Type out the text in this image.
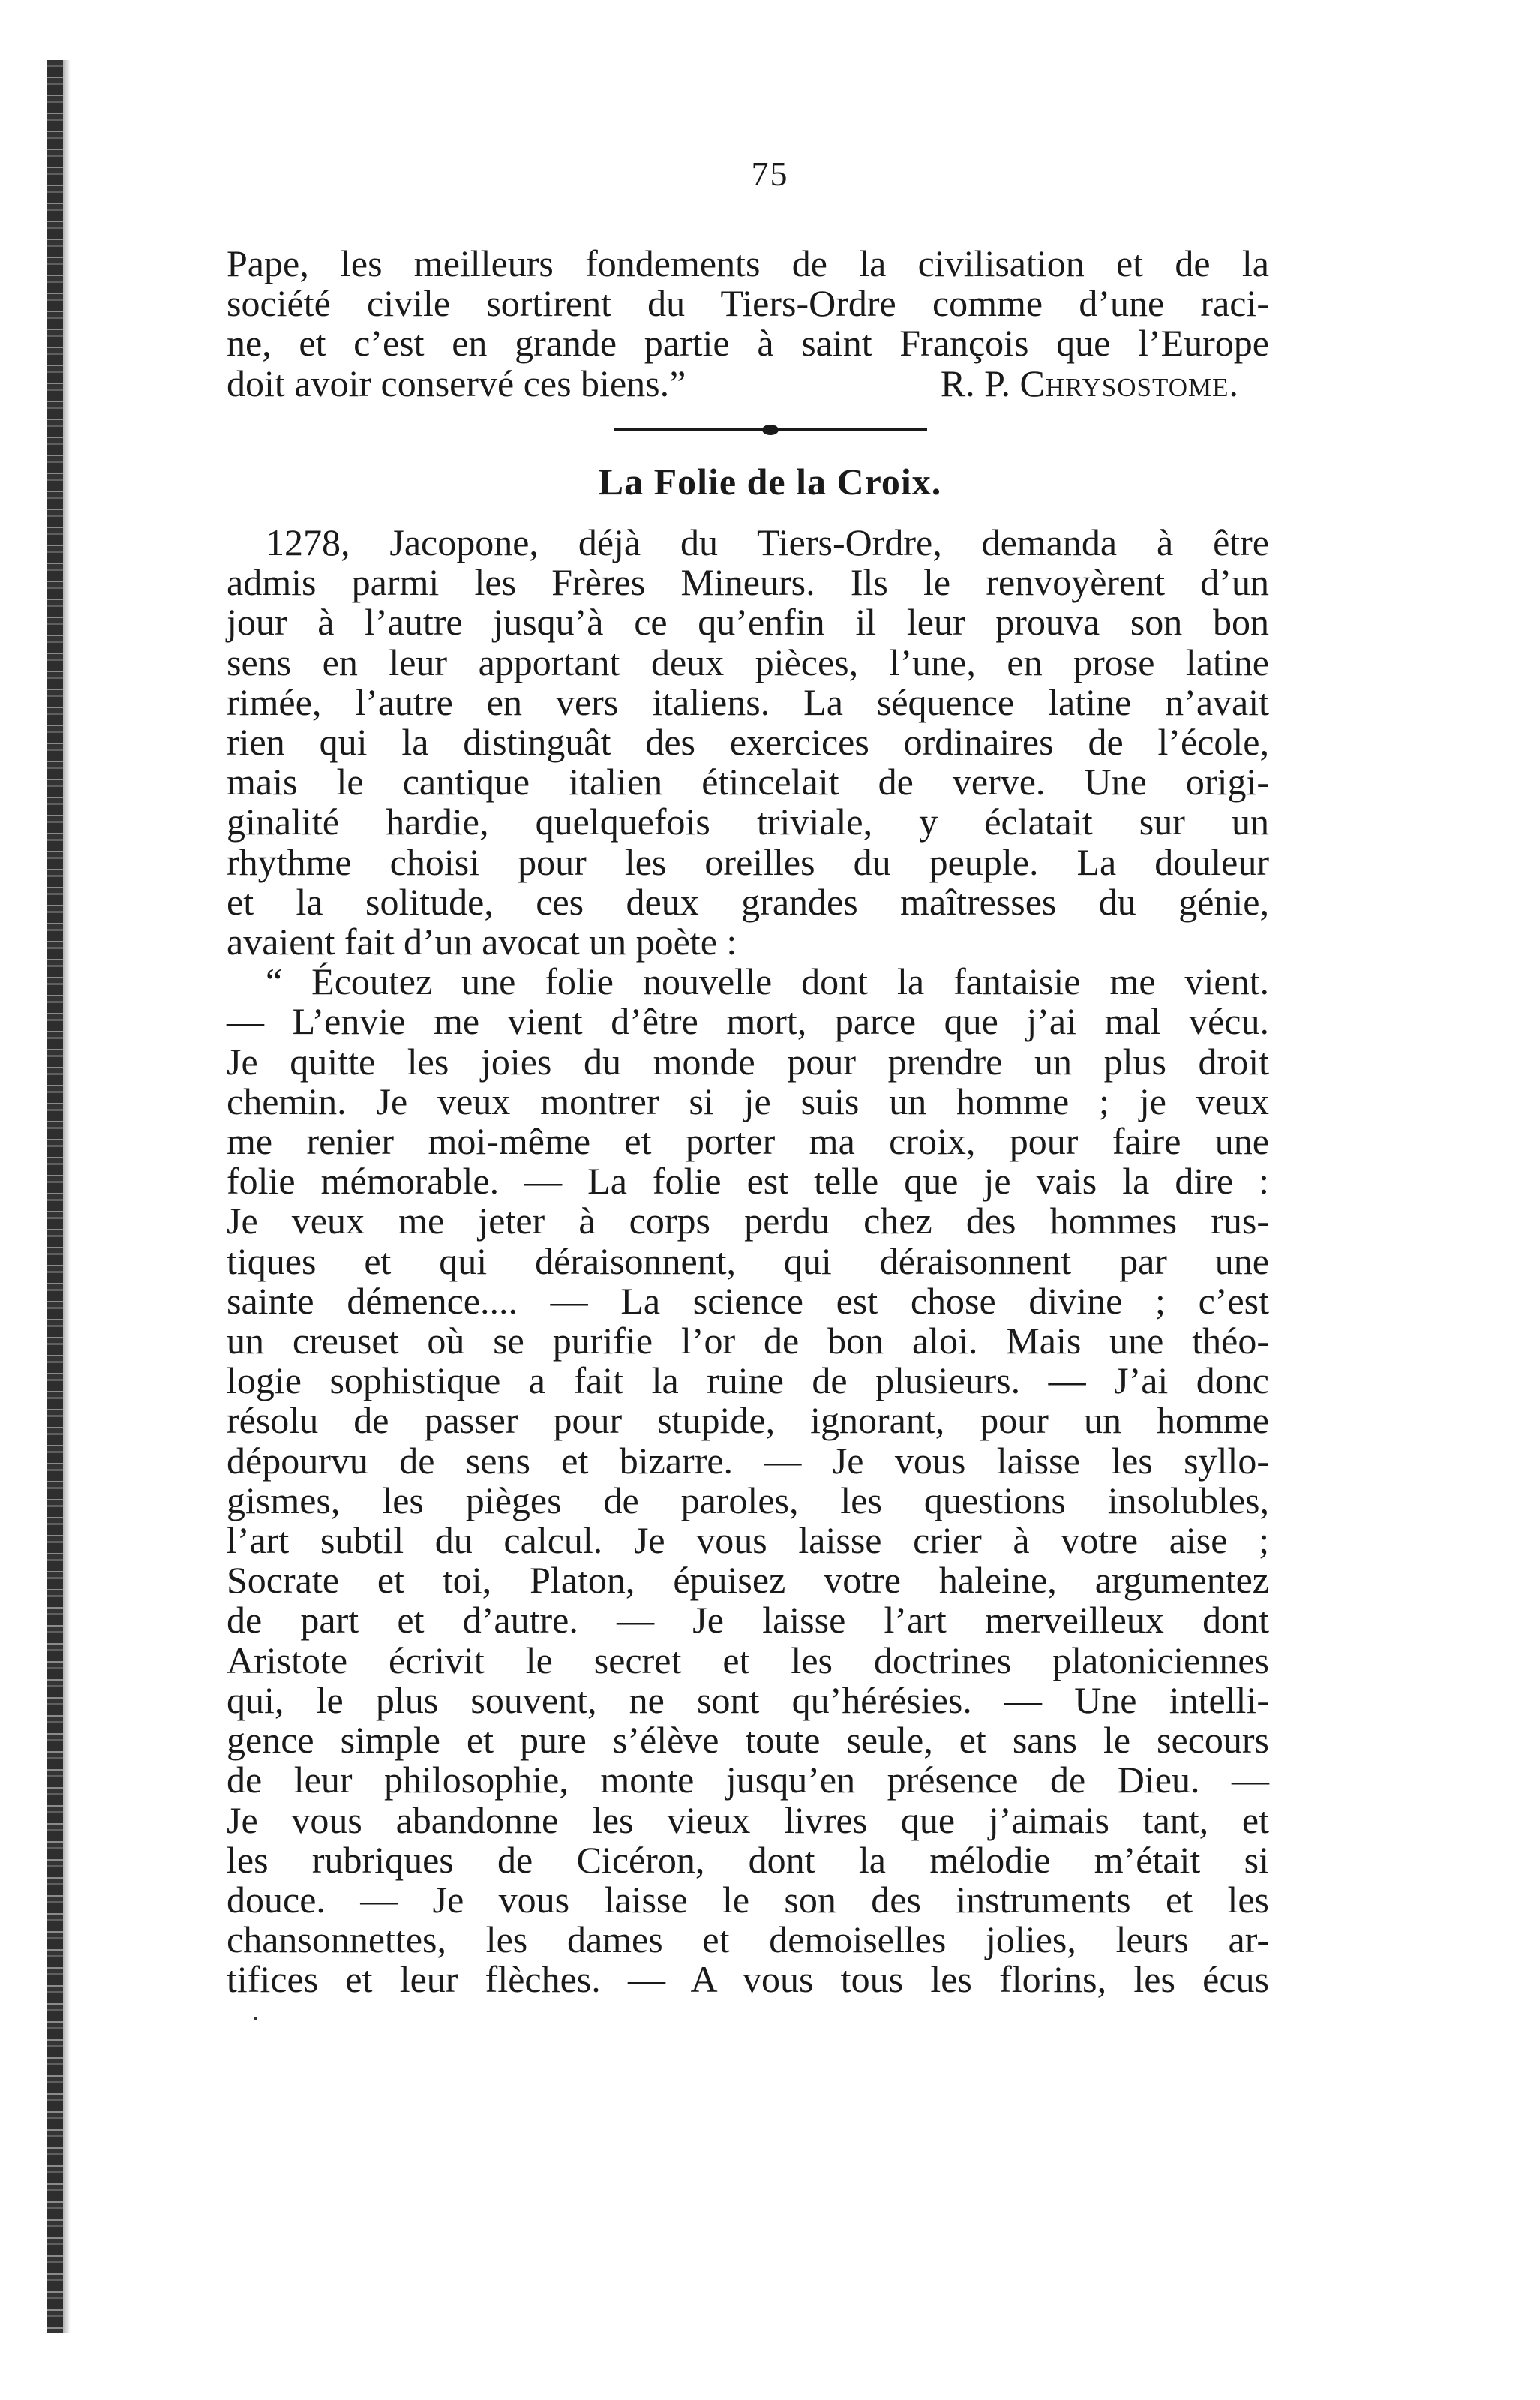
75
Pape, les meilleurs fondements de la civilisation et de la
société civile sortirent du Tiers-Ordre comme d’une raci-
ne, et c’est en grande partie à saint François que l’Europe
doit avoir conservé ces biens.”	R. P. Chrysostome.
La Folie de la Croix.
1278, Jacopone, déjà du Tiers-Ordre, demanda à être
admis parmi les Frères Mineurs. Ils le renvoyèrent d’un
jour à l’autre jusqu’à ce qu’enfin il leur prouva son bon
sens en leur apportant deux pièces, l’une, en prose latine
rimée, l’autre en vers italiens. La séquence latine n’avait
rien qui la distinguât des exercices ordinaires de l’école,
mais le cantique italien étincelait de verve. Une origi-
ginalité hardie, quelquefois triviale, y éclatait sur un
rhythme choisi pour les oreilles du peuple. La douleur
et la solitude, ces deux grandes maîtresses du génie,
avaient fait d’un avocat un poète :
“ Écoutez une folie nouvelle dont la fantaisie me vient.
— L’envie me vient d’être mort, parce que j’ai mal vécu.
Je quitte les joies du monde pour prendre un plus droit
chemin. Je veux montrer si je suis un homme ; je veux
me renier moi-même et porter ma croix, pour faire une
folie mémorable. — La folie est telle que je vais la dire :
Je veux me jeter à corps perdu chez des hommes rus-
tiques et qui déraisonnent, qui déraisonnent par une
sainte démence.... — La science est chose divine ; c’est
un creuset où se purifie l’or de bon aloi. Mais une théo-
logie sophistique a fait la ruine de plusieurs. — J’ai donc
résolu de passer pour stupide, ignorant, pour un homme
dépourvu de sens et bizarre. — Je vous laisse les syllo-
gismes, les pièges de paroles, les questions insolubles,
l’art subtil du calcul. Je vous laisse crier à votre aise ;
Socrate et toi, Platon, épuisez votre haleine, argumentez
de part et d’autre. — Je laisse l’art merveilleux dont
Aristote écrivit le secret et les doctrines platoniciennes
qui, le plus souvent, ne sont qu’hérésies. — Une intelli-
gence simple et pure s’élève toute seule, et sans le secours
de leur philosophie, monte jusqu’en présence de Dieu. —
Je vous abandonne les vieux livres que j’aimais tant, et
les rubriques de Cicéron, dont la mélodie m’était si
douce. — Je vous laisse le son des instruments et les
chansonnettes, les dames et demoiselles jolies, leurs ar-
tifices et leur flèches. — A vous tous les florins, les écus
